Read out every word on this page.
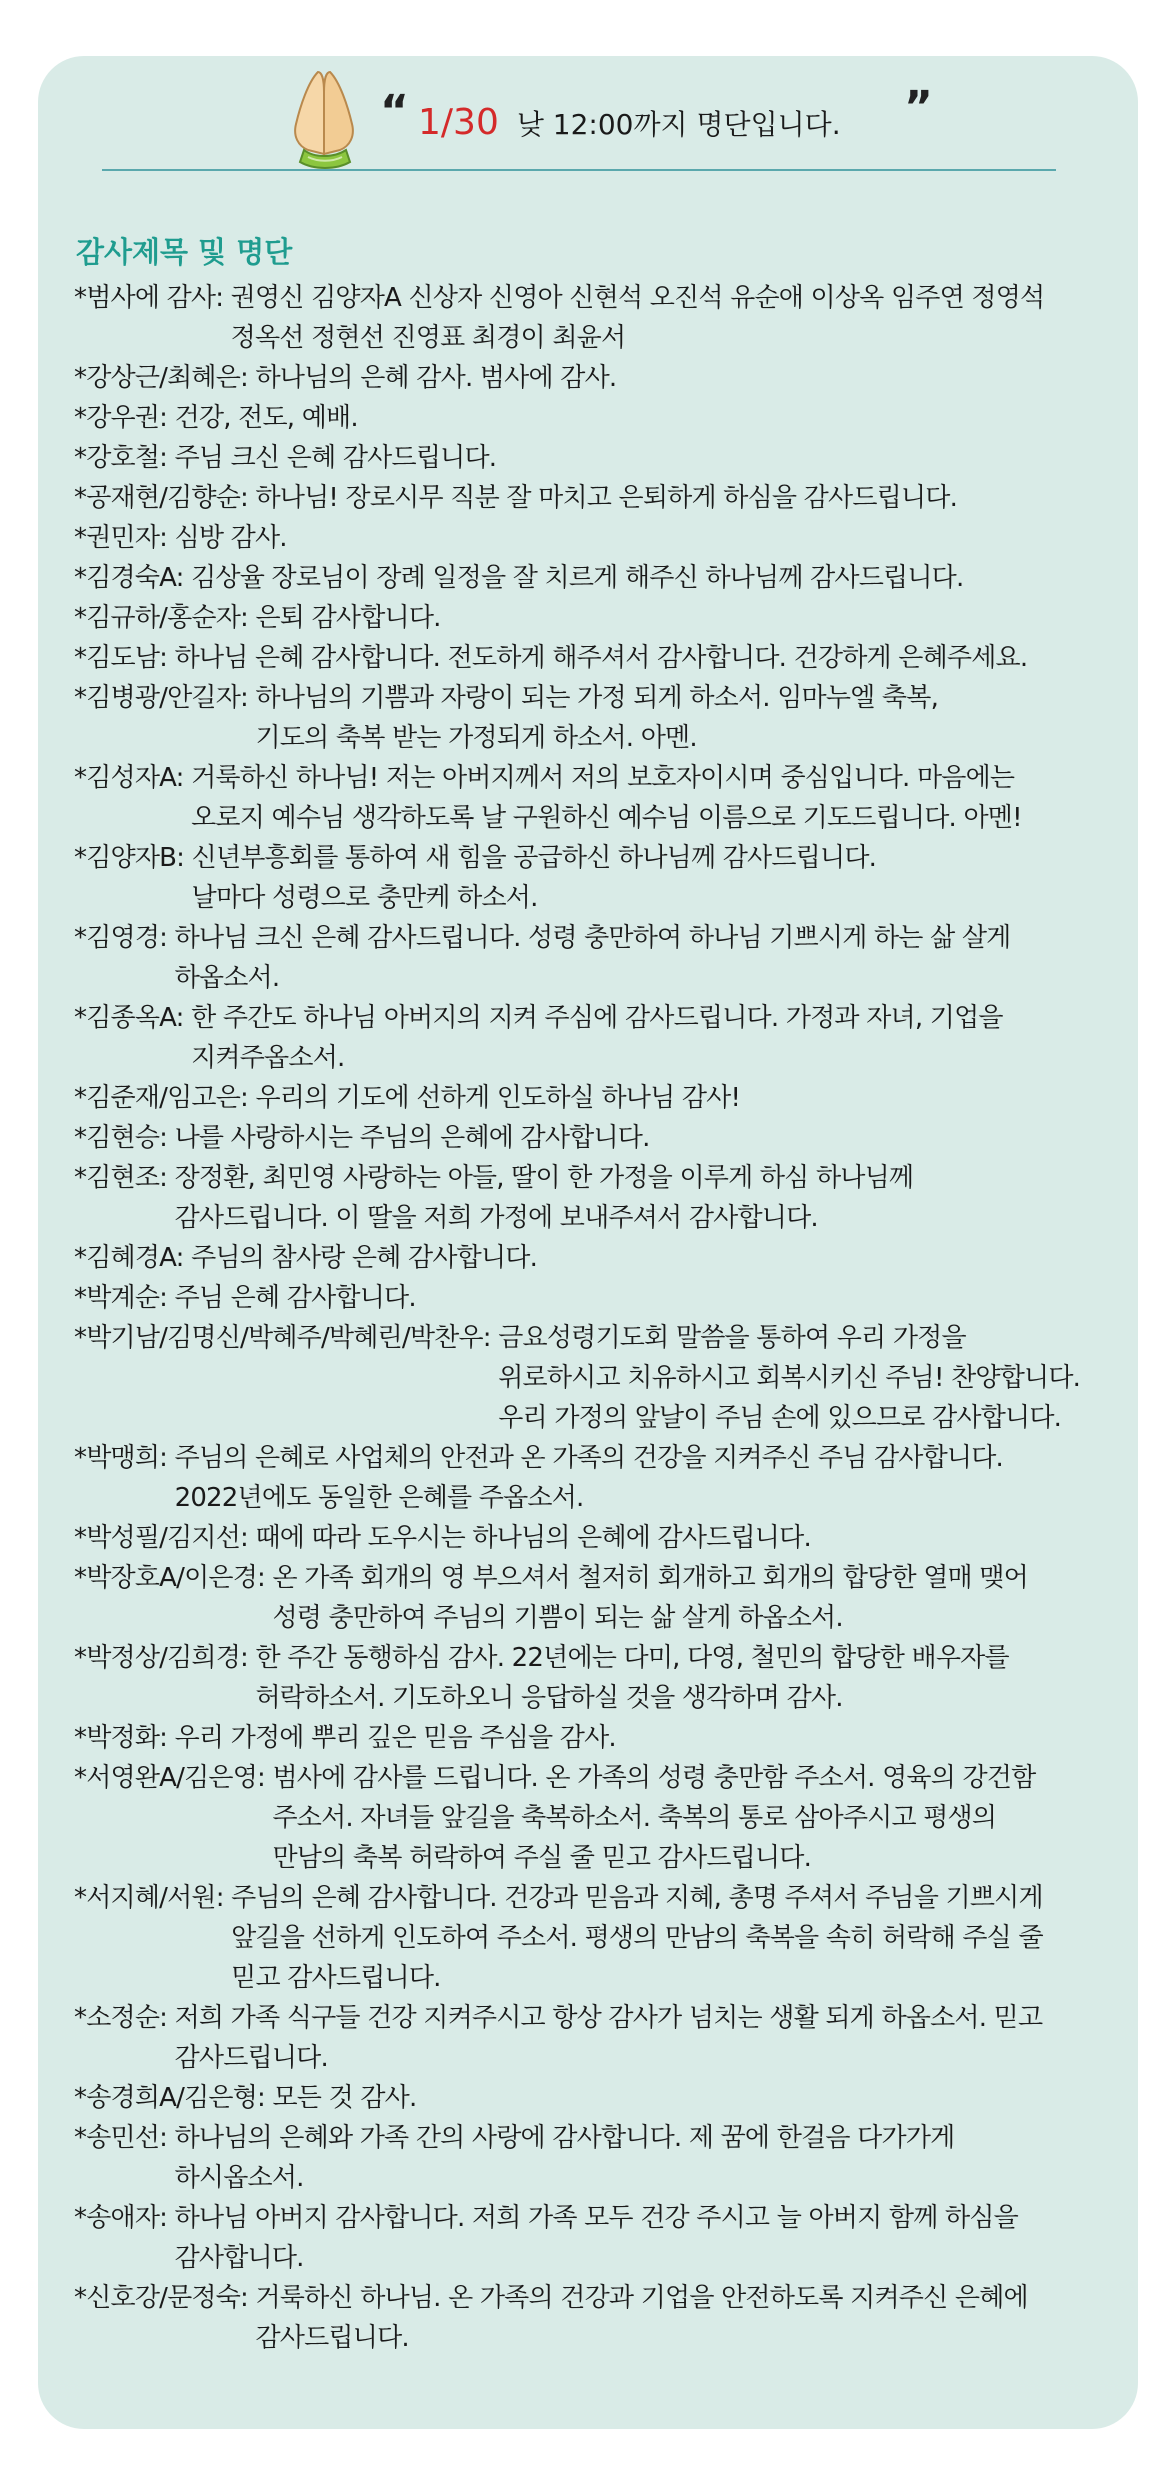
“ 1/30 낮 12:00까지 명단입니다. ”
감사제목 및 명단
*범사에 감사: 권영신 김양자A 신상자 신영아 신현석 오진석 유순애 이상옥 임주연 정영석
정옥선 정현선 진영표 최경이 최윤서
*강상근/최혜은: 하나님의 은혜 감사. 범사에 감사.
*강우권: 건강, 전도, 예배.
*강호철: 주님 크신 은혜 감사드립니다.
*공재현/김향순: 하나님! 장로시무 직분 잘 마치고 은퇴하게 하심을 감사드립니다.
*권민자: 심방 감사.
*김경숙A: 김상율 장로님이 장례 일정을 잘 치르게 해주신 하나님께 감사드립니다.
*김규하/홍순자: 은퇴 감사합니다.
*김도남: 하나님 은혜 감사합니다. 전도하게 해주셔서 감사합니다. 건강하게 은혜주세요.
*김병광/안길자: 하나님의 기쁨과 자랑이 되는 가정 되게 하소서. 임마누엘 축복,
기도의 축복 받는 가정되게 하소서. 아멘.
*김성자A: 거룩하신 하나님! 저는 아버지께서 저의 보호자이시며 중심입니다. 마음에는
오로지 예수님 생각하도록 날 구원하신 예수님 이름으로 기도드립니다. 아멘!
*김양자B: 신년부흥회를 통하여 새 힘을 공급하신 하나님께 감사드립니다.
날마다 성령으로 충만케 하소서.
*김영경: 하나님 크신 은혜 감사드립니다. 성령 충만하여 하나님 기쁘시게 하는 삶 살게
하옵소서.
*김종옥A: 한 주간도 하나님 아버지의 지켜 주심에 감사드립니다. 가정과 자녀, 기업을
지켜주옵소서.
*김준재/임고은: 우리의 기도에 선하게 인도하실 하나님 감사!
*김현승: 나를 사랑하시는 주님의 은혜에 감사합니다.
*김현조: 장정환, 최민영 사랑하는 아들, 딸이 한 가정을 이루게 하심 하나님께
감사드립니다. 이 딸을 저희 가정에 보내주셔서 감사합니다.
*김혜경A: 주님의 참사랑 은혜 감사합니다.
*박계순: 주님 은혜 감사합니다.
*박기남/김명신/박혜주/박혜린/박찬우: 금요성령기도회 말씀을 통하여 우리 가정을
위로하시고 치유하시고 회복시키신 주님! 찬양합니다.
우리 가정의 앞날이 주님 손에 있으므로 감사합니다.
*박맹희: 주님의 은혜로 사업체의 안전과 온 가족의 건강을 지켜주신 주님 감사합니다.
2022년에도 동일한 은혜를 주옵소서.
*박성필/김지선: 때에 따라 도우시는 하나님의 은혜에 감사드립니다.
*박장호A/이은경: 온 가족 회개의 영 부으셔서 철저히 회개하고 회개의 합당한 열매 맺어
성령 충만하여 주님의 기쁨이 되는 삶 살게 하옵소서.
*박정상/김희경: 한 주간 동행하심 감사. 22년에는 다미, 다영, 철민의 합당한 배우자를
허락하소서. 기도하오니 응답하실 것을 생각하며 감사.
*박정화: 우리 가정에 뿌리 깊은 믿음 주심을 감사.
*서영완A/김은영: 범사에 감사를 드립니다. 온 가족의 성령 충만함 주소서. 영육의 강건함
주소서. 자녀들 앞길을 축복하소서. 축복의 통로 삼아주시고 평생의
만남의 축복 허락하여 주실 줄 믿고 감사드립니다.
*서지혜/서원: 주님의 은혜 감사합니다. 건강과 믿음과 지혜, 총명 주셔서 주님을 기쁘시게
앞길을 선하게 인도하여 주소서. 평생의 만남의 축복을 속히 허락해 주실 줄
믿고 감사드립니다.
*소정순: 저희 가족 식구들 건강 지켜주시고 항상 감사가 넘치는 생활 되게 하옵소서. 믿고
감사드립니다.
*송경희A/김은형: 모든 것 감사.
*송민선: 하나님의 은혜와 가족 간의 사랑에 감사합니다. 제 꿈에 한걸음 다가가게
하시옵소서.
*송애자: 하나님 아버지 감사합니다. 저희 가족 모두 건강 주시고 늘 아버지 함께 하심을
감사합니다.
*신호강/문정숙: 거룩하신 하나님. 온 가족의 건강과 기업을 안전하도록 지켜주신 은혜에
감사드립니다.
